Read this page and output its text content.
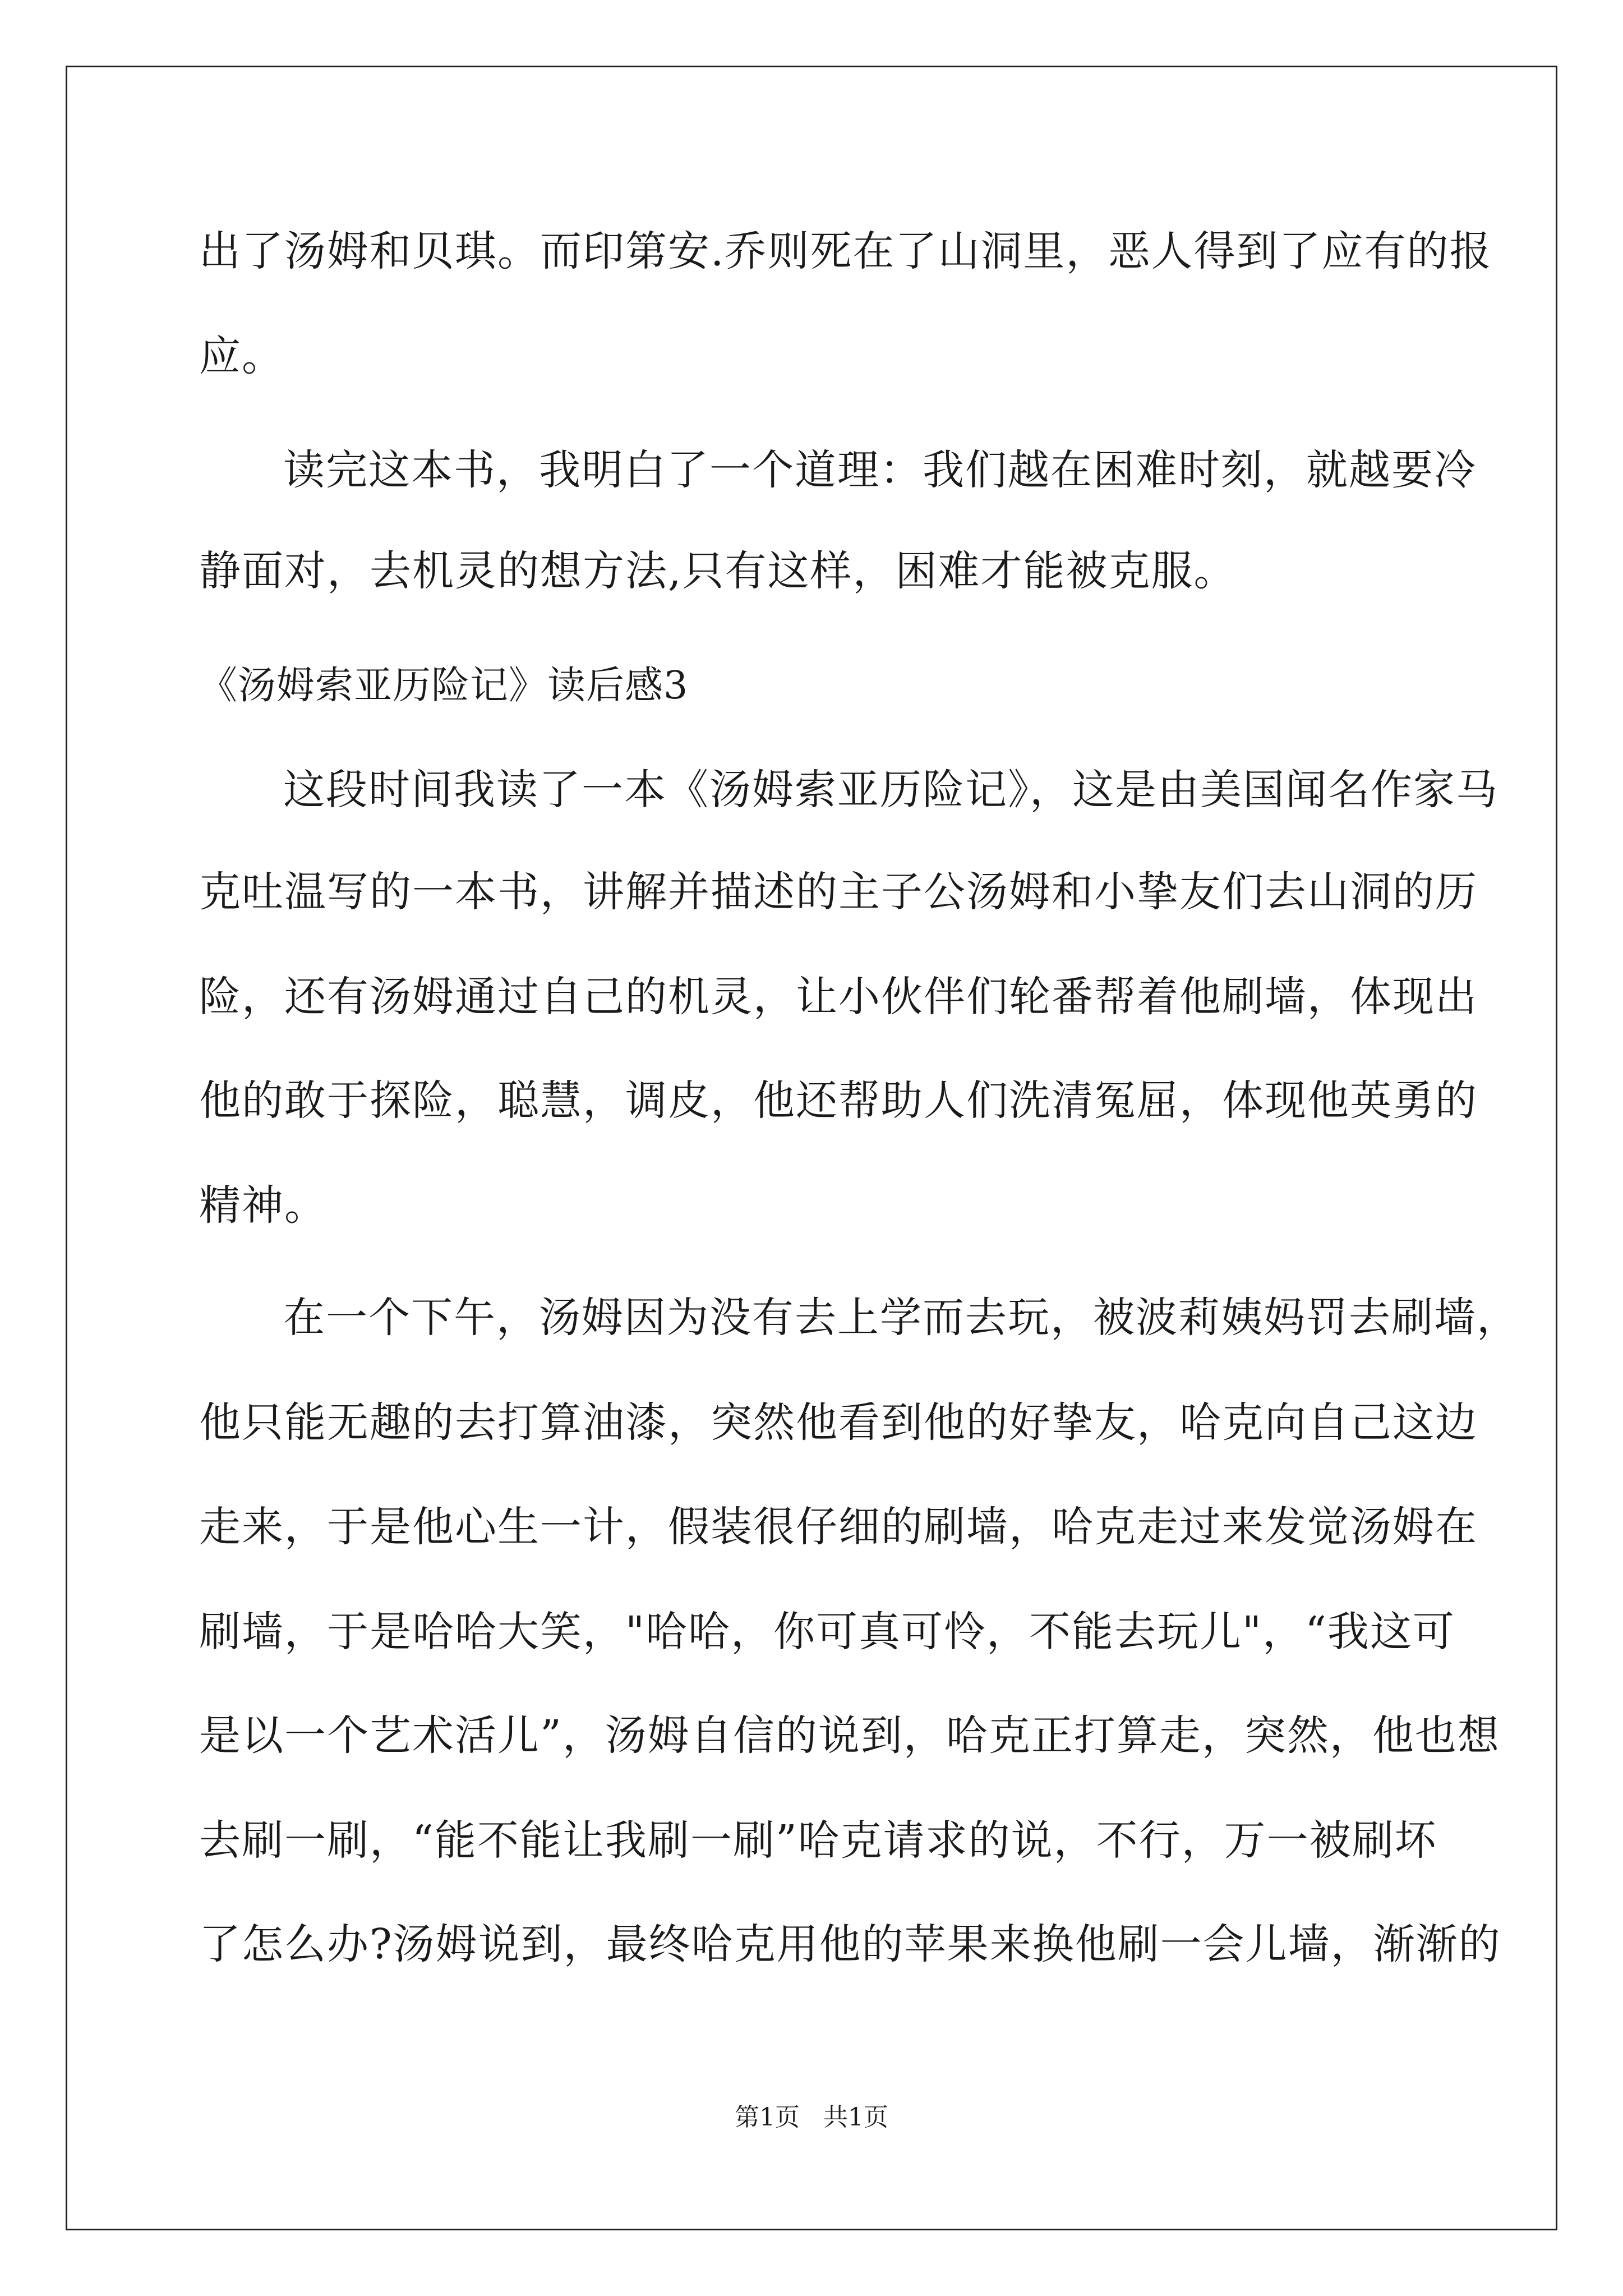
出了汤姆和贝琪。而印第安.乔则死在了山洞里，恶人得到了应有的报
应。
读完这本书，我明白了一个道理：我们越在困难时刻，就越要冷
静面对，去机灵的想方法,只有这样，困难才能被克服。
《汤姆索亚历险记》读后感3
这段时间我读了一本《汤姆索亚历险记》，这是由美国闻名作家马
克吐温写的一本书，讲解并描述的主子公汤姆和小挚友们去山洞的历
险，还有汤姆通过自己的机灵，让小伙伴们轮番帮着他刷墙，体现出
他的敢于探险，聪慧，调皮，他还帮助人们洗清冤屈，体现他英勇的
精神。
在一个下午，汤姆因为没有去上学而去玩，被波莉姨妈罚去刷墙，
他只能无趣的去打算油漆，突然他看到他的好挚友，哈克向自己这边
走来，于是他心生一计，假装很仔细的刷墙，哈克走过来发觉汤姆在
刷墙，于是哈哈大笑，"哈哈，你可真可怜，不能去玩儿"，“我这可
是以一个艺术活儿”，汤姆自信的说到，哈克正打算走，突然，他也想
去刷一刷，“能不能让我刷一刷”哈克请求的说，不行，万一被刷坏
了怎么办?汤姆说到，最终哈克用他的苹果来换他刷一会儿墙，渐渐的
第1页   共1页
